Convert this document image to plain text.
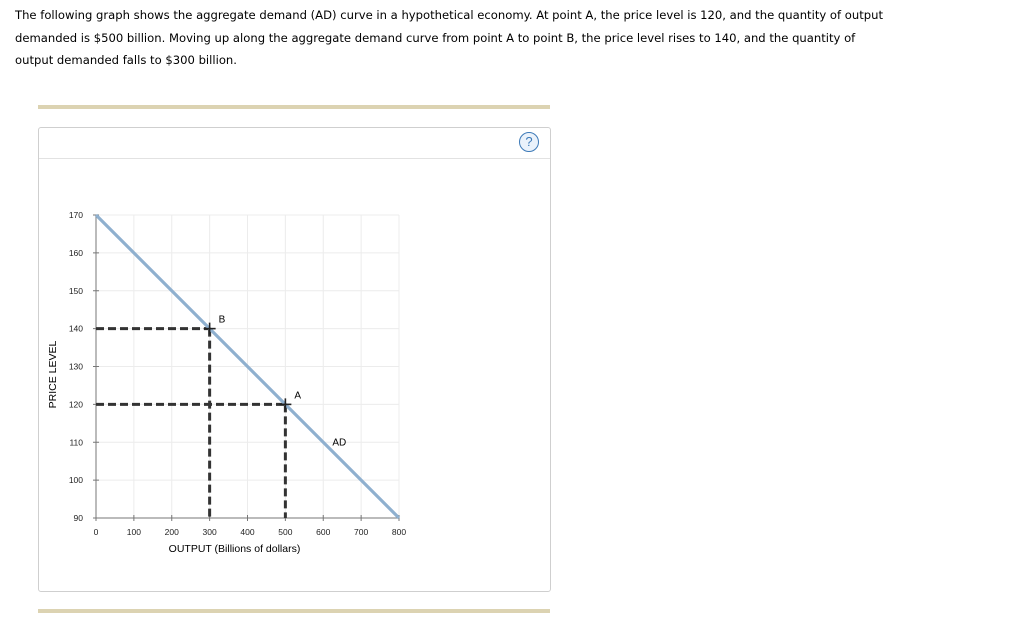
The following graph shows the aggregate demand (AD) curve in a hypothetical economy. At point A, the price level is 120, and the quantity of output

demanded is $500 billion. Moving up along the aggregate demand curve from point A to point B, the price level rises to 140, and the quantity of

output demanded falls to $300 billion.

?
90
100
110
120
130
140
150
160
170
0	100	200	300	400	500	600	700	800
OUTPUT (Billions of dollars)
PRICE LEVEL
AD
A
B
